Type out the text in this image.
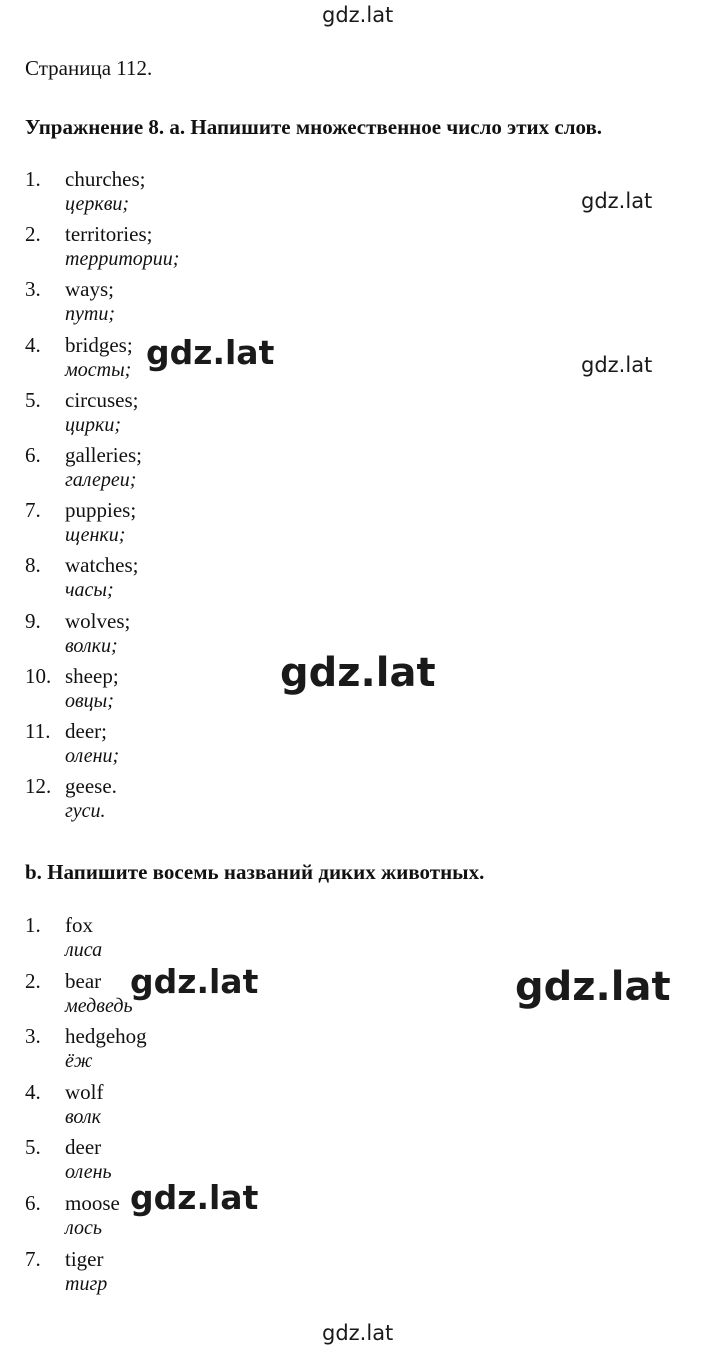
gdz.lat
Страница 112.
Упражнение 8. a. Напишите множественное число этих слов.
1. churches;
церкви;
2. territories;
территории;
3. ways;
пути;
4. bridges;
мосты;
5. circuses;
цирки;
6. galleries;
галереи;
7. puppies;
щенки;
8. watches;
часы;
9. wolves;
волки;
10. sheep;
овцы;
11. deer;
олени;
12. geese.
гуси.
b. Напишите восемь названий диких животных.
1. fox
лиса
2. bear
медведь
3. hedgehog
ёж
4. wolf
волк
5. deer
олень
6. moose
лось
7. tiger
тигр
gdz.lat
gdz.lat	gdz.lat
gdz.lat
gdz.lat	gdz.lat
gdz.lat
gdz.lat
